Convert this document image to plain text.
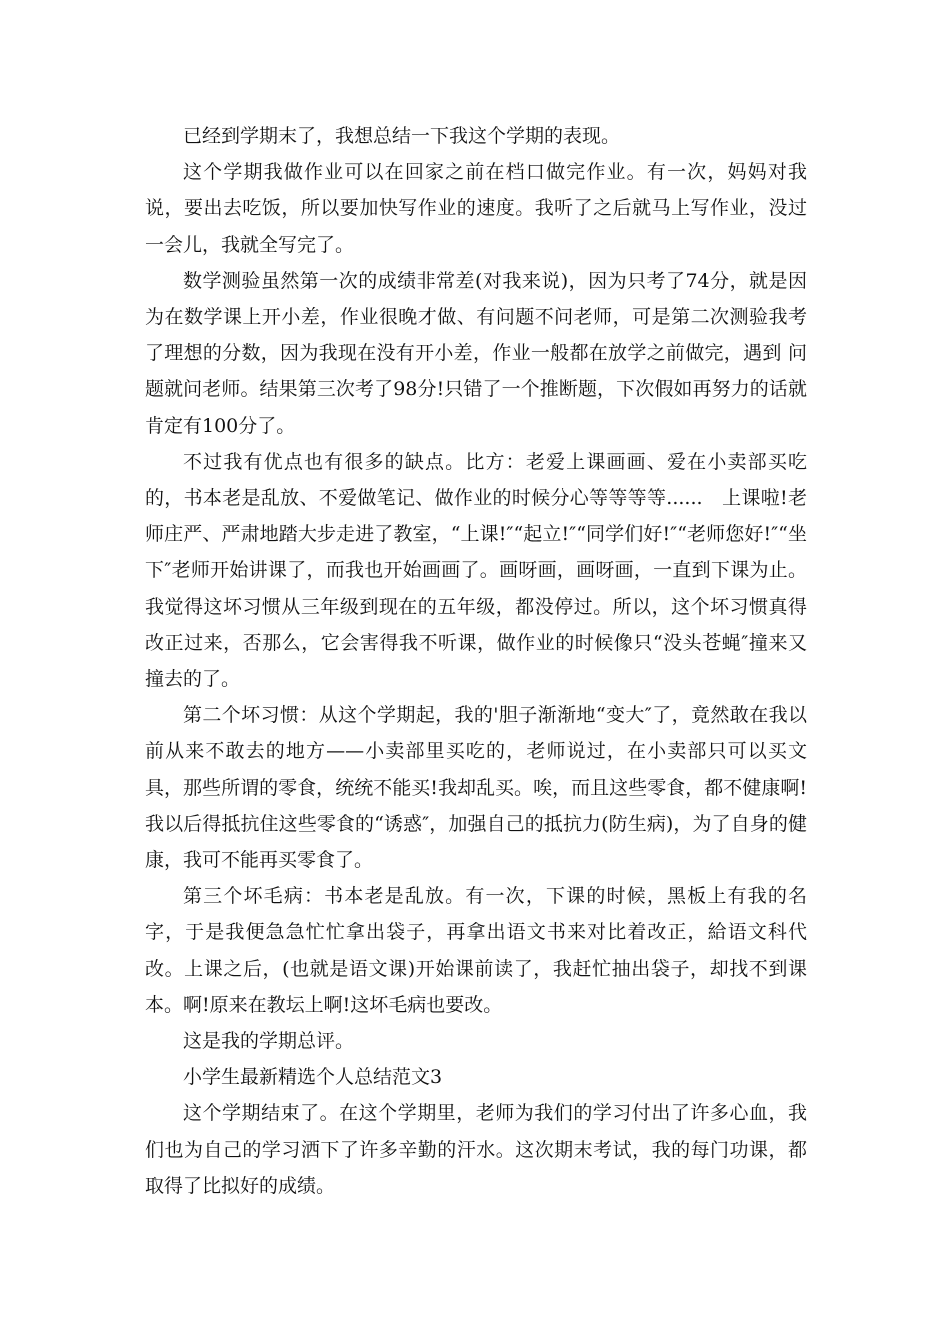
已经到学期末了，我想总结一下我这个学期的表现。

这个学期我做作业可以在回家之前在档口做完作业。有一次，妈妈对我说，要出去吃饭，所以要加快写作业的速度。我听了之后就马上写作业，没过一会儿，我就全写完了。

数学测验虽然第一次的成绩非常差(对我来说)，因为只考了74分，就是因为在数学课上开小差，作业很晚才做、有问题不问老师，可是第二次测验我考了理想的分数，因为我现在没有开小差，作业一般都在放学之前做完，遇到 问题就问老师。结果第三次考了98分!只错了一个推断题，下次假如再努力的话就肯定有100分了。

不过我有优点也有很多的缺点。比方：老爱上课画画、爱在小卖部买吃的，书本老是乱放、不爱做笔记、做作业的时候分心等等等等......　上课啦!老师庄严、严肃地踏大步走进了教室，“上课!″“起立!″“同学们好!″“老师您好!″“坐下″老师开始讲课了，而我也开始画画了。画呀画，画呀画，一直到下课为止。我觉得这坏习惯从三年级到现在的五年级，都没停过。所以，这个坏习惯真得改正过来，否那么，它会害得我不听课，做作业的时候像只“没头苍蝇″撞来又撞去的了。

第二个坏习惯：从这个学期起，我的'胆子渐渐地“变大″了，竟然敢在我以前从来不敢去的地方——小卖部里买吃的，老师说过，在小卖部只可以买文具，那些所谓的零食，统统不能买!我却乱买。唉，而且这些零食，都不健康啊!我以后得抵抗住这些零食的“诱惑″，加强自己的抵抗力(防生病)，为了自身的健康，我可不能再买零食了。

第三个坏毛病：书本老是乱放。有一次，下课的时候，黑板上有我的名字，于是我便急急忙忙拿出袋子，再拿出语文书来对比着改正，給语文科代改。上课之后，(也就是语文课)开始课前读了，我赶忙抽出袋子，却找不到课本。啊!原来在教坛上啊!这坏毛病也要改。

这是我的学期总评。

小学生最新精选个人总结范文3

这个学期结束了。在这个学期里，老师为我们的学习付出了许多心血，我们也为自己的学习洒下了许多辛勤的汗水。这次期末考试，我的每门功课，都取得了比拟好的成绩。
